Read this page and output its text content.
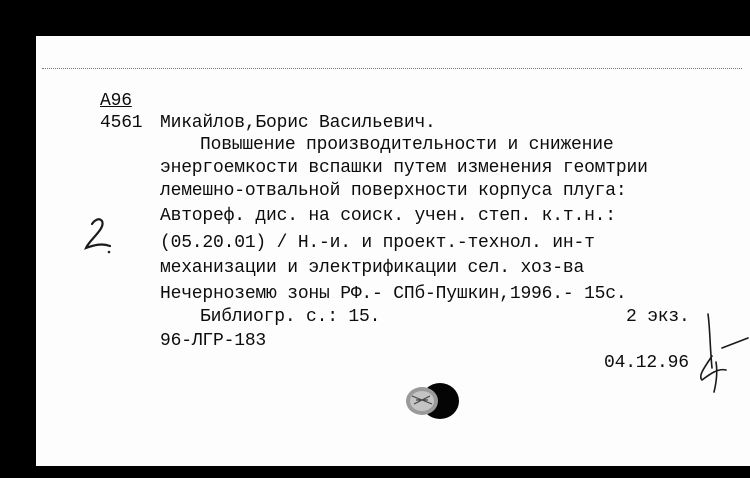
А96
4561 Микайлов,Борис Васильевич.
Повышение производительности и снижение
энергоемкости вспашки путем изменения геомтрии
лемешно-отвальной поверхности корпуса плуга:
Автореф. дис. на соиск. учен. степ. к.т.н.:
(05.20.01) / Н.-и. и проект.-технол. ин-т
механизации и электрификации сел. хоз-ва
Нечерноземю зоны РФ.- СПб-Пушкин,1996.- 15с.
Библиогр. с.: 15.	2 экз.
96-ЛГР-183
04.12.96
